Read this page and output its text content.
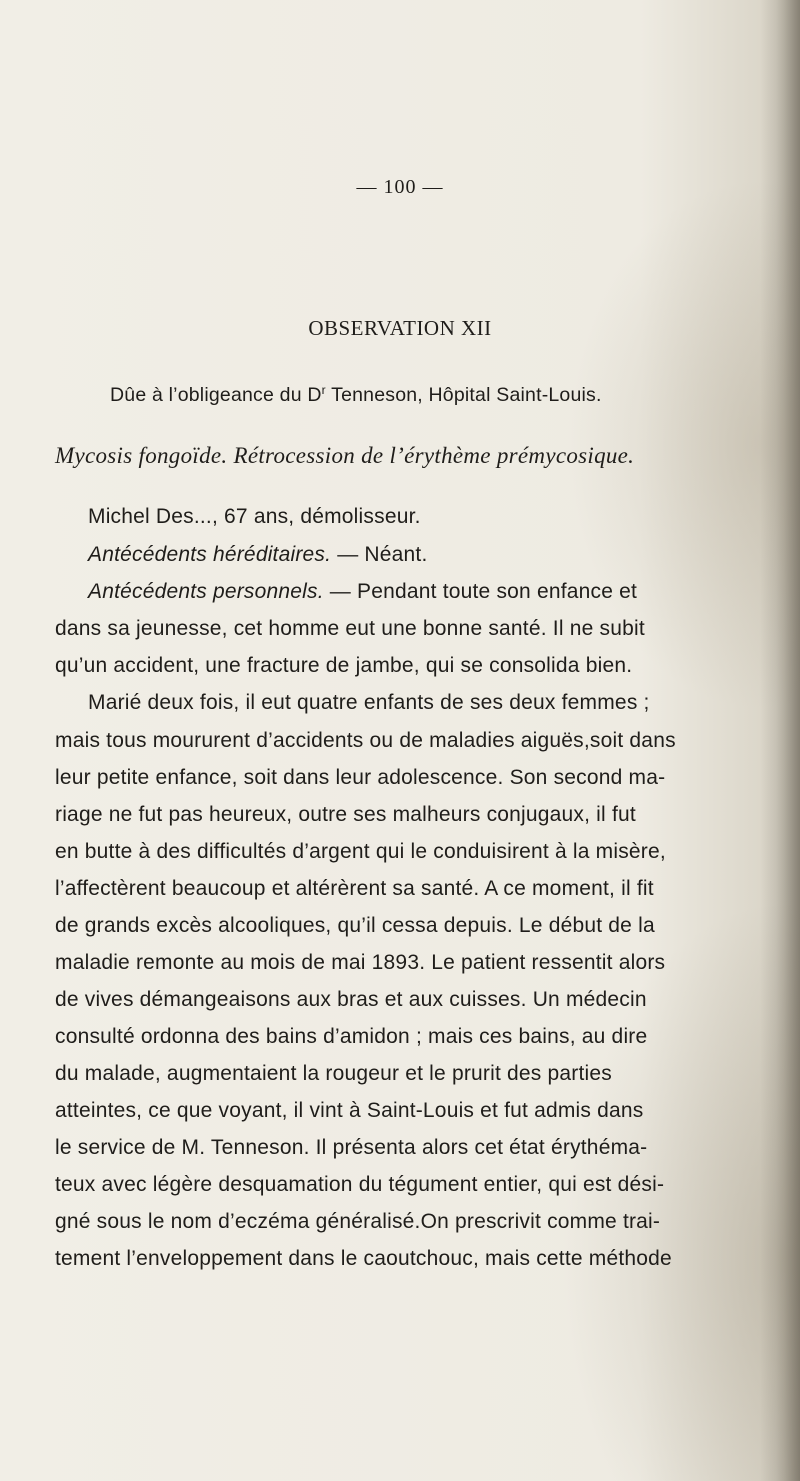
— 100 —
OBSERVATION XII
Dûe à l’obligeance du $D^r$ Tenneson, Hôpital Saint-Louis.
Mycosis fongoïde. Rétrocession de l’érythème prémycosique.
Michel Des..., 67 ans, démolisseur.
Antécédents héréditaires. — Néant.
Antécédents personnels. — Pendant toute son enfance et
dans sa jeunesse, cet homme eut une bonne santé. Il ne subit
qu’un accident, une fracture de jambe, qui se consolida bien.
Marié deux fois, il eut quatre enfants de ses deux femmes ;
mais tous moururent d’accidents ou de maladies aiguës,soit dans
leur petite enfance, soit dans leur adolescence. Son second ma-
riage ne fut pas heureux, outre ses malheurs conjugaux, il fut
en butte à des difficultés d’argent qui le conduisirent à la misère,
l’affectèrent beaucoup et altérèrent sa santé. A ce moment, il fit
de grands excès alcooliques, qu’il cessa depuis. Le début de la
maladie remonte au mois de mai 1893. Le patient ressentit alors
de vives démangeaisons aux bras et aux cuisses. Un médecin
consulté ordonna des bains d’amidon ; mais ces bains, au dire
du malade, augmentaient la rougeur et le prurit des parties
atteintes, ce que voyant, il vint à Saint-Louis et fut admis dans
le service de M. Tenneson. Il présenta alors cet état érythéma-
teux avec légère desquamation du tégument entier, qui est dési-
gné sous le nom d’eczéma généralisé.On prescrivit comme trai-
tement l’enveloppement dans le caoutchouc, mais cette méthode
